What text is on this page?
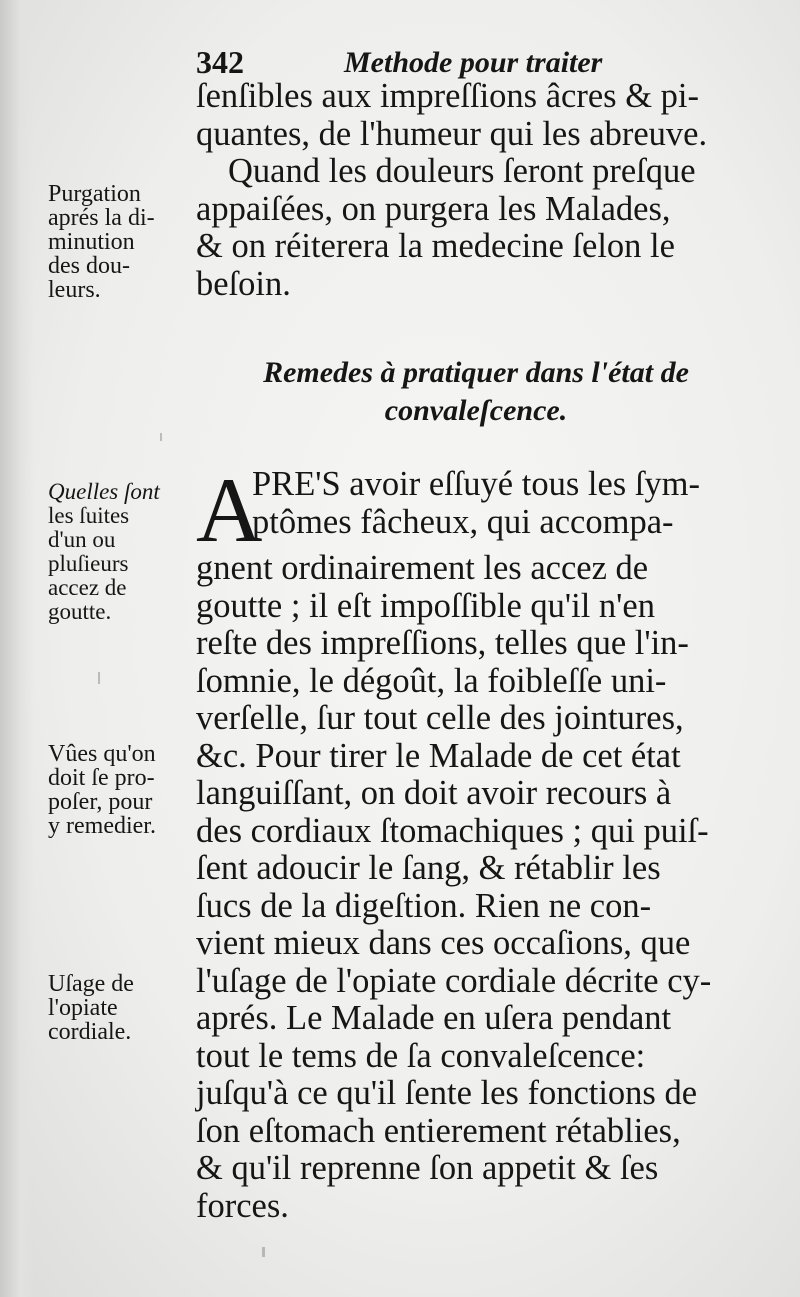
342	Methode pour traiter
ſenſibles aux impreſſions âcres & pi-
quantes, de l'humeur qui les abreuve.
Quand les douleurs ſeront preſque
appaiſées, on purgera les Malades,
& on réiterera la medecine ſelon le
beſoin.
Remedes à pratiquer dans l'état de
convaleſcence.
A
PRE'S avoir eſſuyé tous les ſym-
ptômes fâcheux, qui accompa-
gnent ordinairement les accez de
goutte ; il eſt impoſſible qu'il n'en
reſte des impreſſions, telles que l'in-
ſomnie, le dégoût, la foibleſſe uni-
verſelle, ſur tout celle des jointures,
&c. Pour tirer le Malade de cet état
languiſſant, on doit avoir recours à
des cordiaux ſtomachiques ; qui puiſ-
ſent adoucir le ſang, & rétablir les
ſucs de la digeſtion. Rien ne con-
vient mieux dans ces occaſions, que
l'uſage de l'opiate cordiale décrite cy-
aprés. Le Malade en uſera pendant
tout le tems de ſa convaleſcence:
juſqu'à ce qu'il ſente les fonctions de
ſon eſtomach entierement rétablies,
& qu'il reprenne ſon appetit & ſes
forces.
Purgation
aprés la di-
minution
des dou-
leurs.
Quelles ſont
les ſuites
d'un ou
pluſieurs
accez de
goutte.
Vûes qu'on
doit ſe pro-
poſer, pour
y remedier.
Uſage de
l'opiate
cordiale.
